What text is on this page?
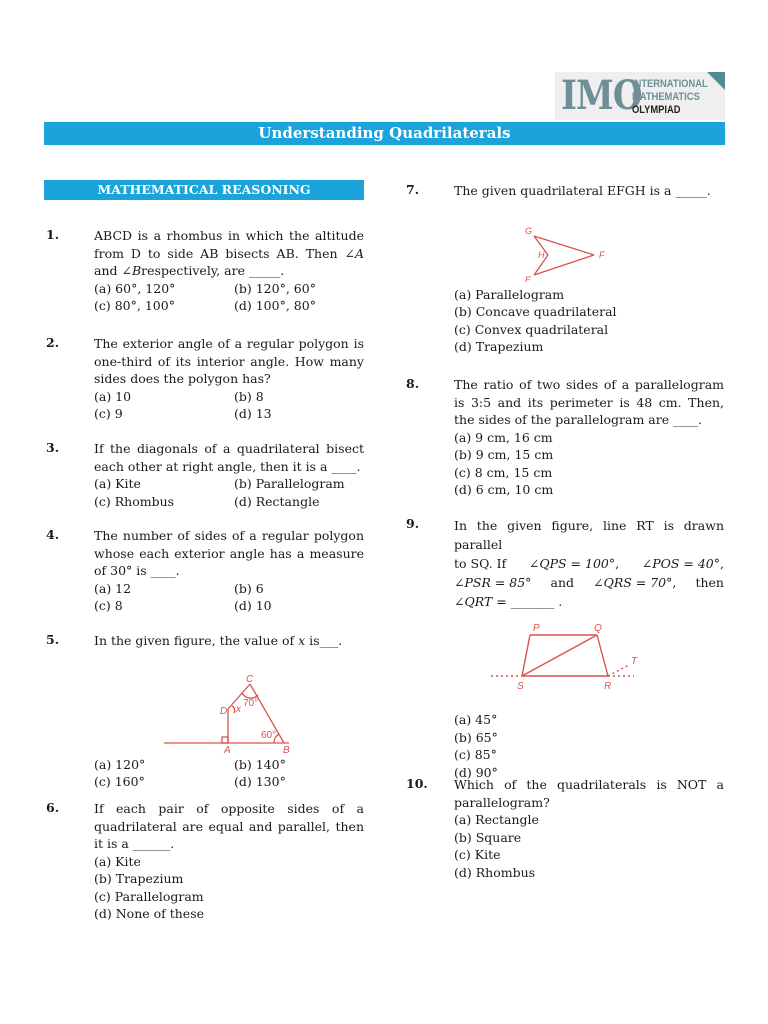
IMO
INTERNATIONAL
MATHEMATICS
OLYMPIAD
Understanding Quadrilaterals
MATHEMATICAL REASONING
1.	ABCD is a rhombus in which the altitude from D to side AB bisects AB. Then ∠A and ∠Brespectively, are _____.
(a) 60°, 120°	(b) 120°, 60°
(c) 80°, 100°	(d) 100°, 80°
2.	The exterior angle of a regular polygon is one-third of its interior angle. How many sides does the polygon has?
(a) 10	(b) 8
(c) 9	(d) 13
3.	If the diagonals of a quadrilateral bisect each other at right angle, then it is a ____.
(a) Kite	(b) Parallelogram
(c) Rhombus	(d) Rectangle
4.	The number of sides of a regular polygon whose each exterior angle has a measure of 30° is ____.
(a) 12	(b) 6
(c) 8	(d) 10
5.	In the given figure, the value of x is___.
C
D x
A	B
70°
60°
(a) 120°	(b) 140°
(c) 160°	(d) 130°
6.	If each pair of opposite sides of a quadrilateral are equal and parallel, then it is a ______.
(a) Kite
(b) Trapezium
(c) Parallelogram
(d) None of these
7.	The given quadrilateral EFGH is a _____.
G
H	F
E
(a) Parallelogram
(b) Concave quadrilateral
(c) Convex quadrilateral
(d) Trapezium
8.	The ratio of two sides of a parallelogram is 3:5 and its perimeter is 48 cm. Then, the sides of the parallelogram are ____.
(a) 9 cm, 16 cm
(b) 9 cm, 15 cm
(c) 8 cm, 15 cm
(d) 6 cm, 10 cm
9.	In the given figure, line RT is drawn parallel
to SQ. If ∠QPS = 100°, ∠POS = 40°,
∠PSR = 85° and ∠QRS = 70°, then
∠QRT = _______ .
P	Q
S	R
T
(a) 45°
(b) 65°
(c) 85°
(d) 90°
10. Which of the quadrilaterals is NOT a parallelogram?
(a) Rectangle
(b) Square
(c) Kite
(d) Rhombus
